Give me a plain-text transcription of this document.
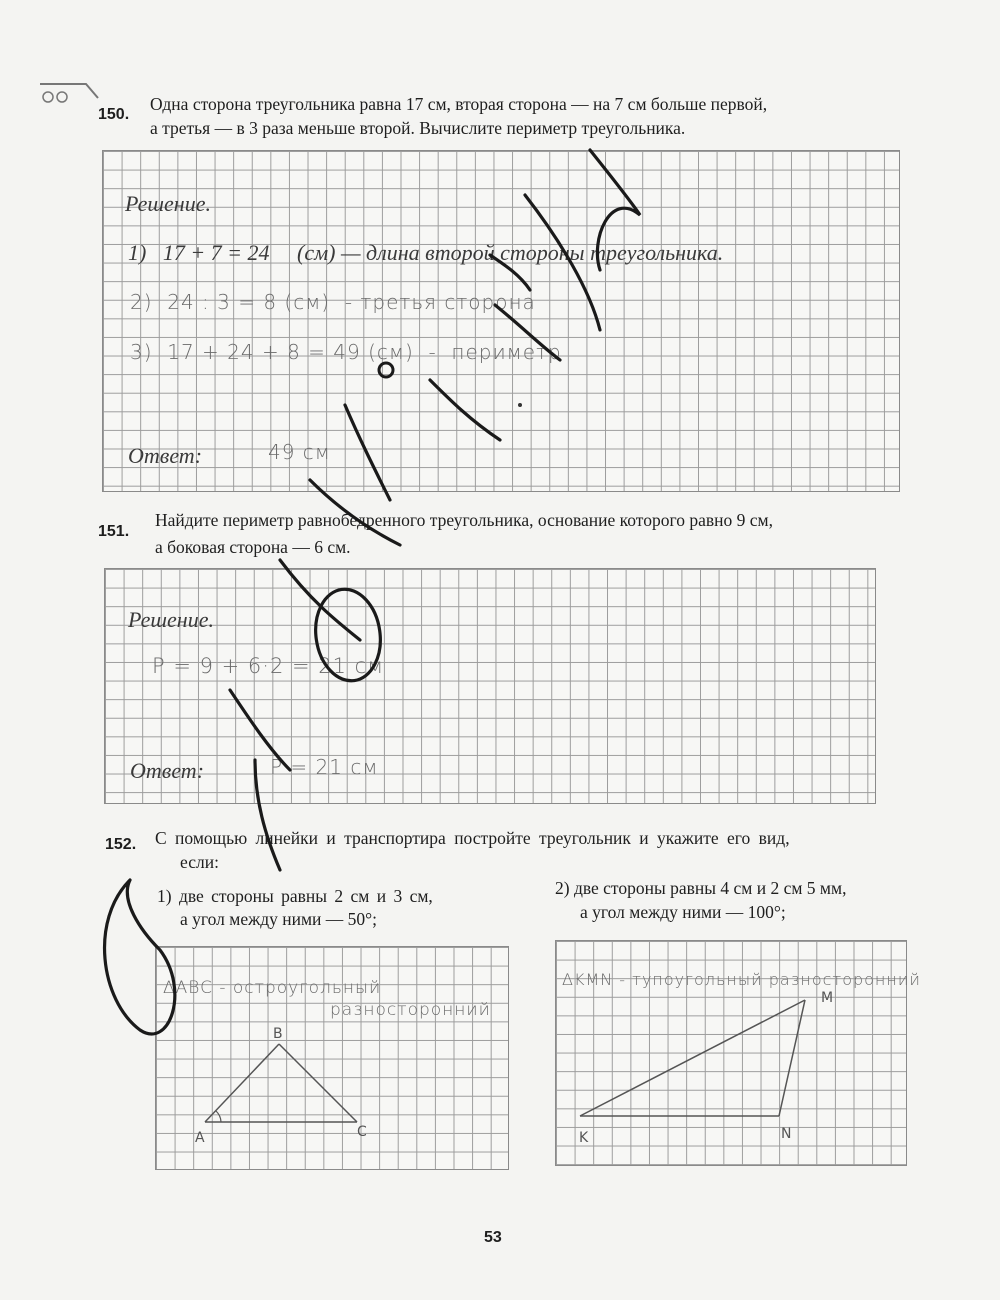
150.
Одна сторона треугольника равна 17 см, вторая сторона — на 7 см больше первой,
а третья — в 3 раза меньше второй. Вычислите периметр треугольника.
Решение.
1)   17 + 7 = 24     (см) — длина второй стороны треугольника.
2)  24 : 3 = 8 (см)  - третья сторона
3)  17 + 24 + 8 = 49 (см)  -  периметр
Ответ:	49 см
151.
Найдите периметр равнобедренного треугольника, основание которого равно 9 см,
а боковая сторона — 6 см.
Решение.
P = 9 + 6·2 = 21 см
Ответ:	P = 21 см
152. С помощью линейки и транспортира постройте треугольник и укажите его вид,
если:
1) две стороны равны 2 см и 3 см,
а угол между ними — 50°;
2) две стороны равны 4 см и 2 см 5 мм,
а угол между ними — 100°;
∆ABC - остроугольный
разносторонний
A
B
C
∆KMN - тупоугольный разносторонний
K
M
N
53
